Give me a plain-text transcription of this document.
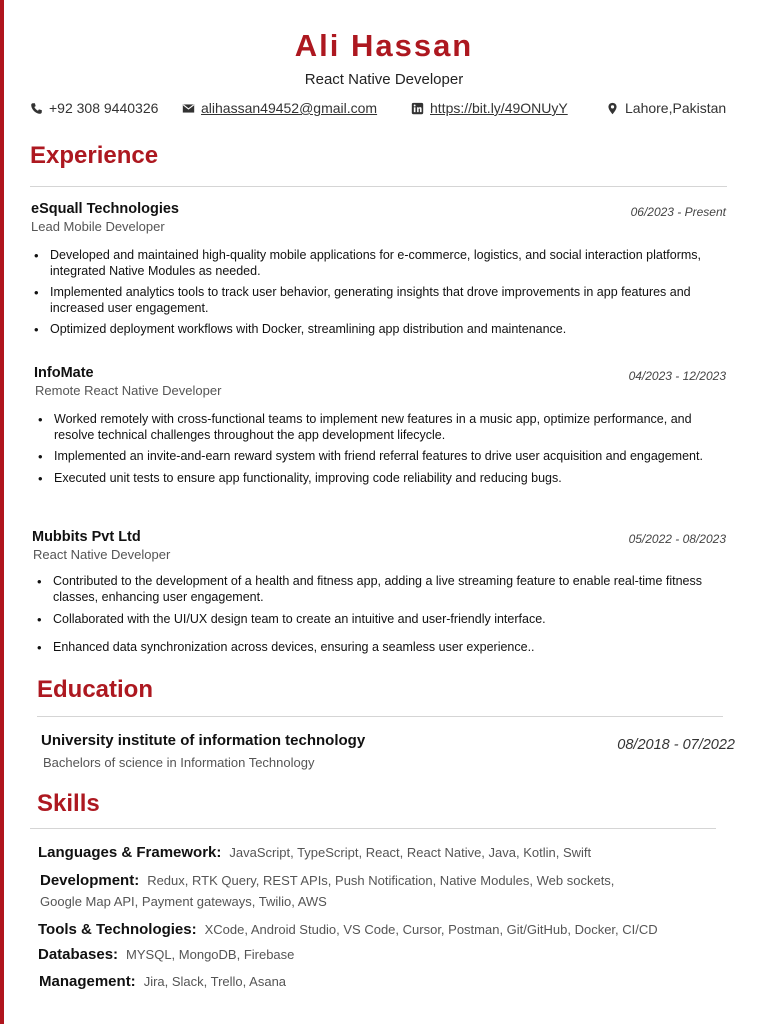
Ali Hassan
React Native Developer
+92 308 9440326	alihassan49452@gmail.com	https://bit.ly/49ONUyY	Lahore,Pakistan
Experience
eSquall Technologies
Lead Mobile Developer
06/2023 - Present
• Developed and maintained high-quality mobile applications for e-commerce, logistics, and social interaction platforms, integrated Native Modules as needed.
• Implemented analytics tools to track user behavior, generating insights that drove improvements in app features and increased user engagement.
• Optimized deployment workflows with Docker, streamlining app distribution and maintenance.
InfoMate
Remote React Native Developer
04/2023 - 12/2023
• Worked remotely with cross-functional teams to implement new features in a music app, optimize performance, and resolve technical challenges throughout the app development lifecycle.
• Implemented an invite-and-earn reward system with friend referral features to drive user acquisition and engagement.
• Executed unit tests to ensure app functionality, improving code reliability and reducing bugs.
Mubbits Pvt Ltd
React Native Developer
05/2022 - 08/2023
• Contributed to the development of a health and fitness app, adding a live streaming feature to enable real-time fitness classes, enhancing user engagement.
• Collaborated with the UI/UX design team to create an intuitive and user-friendly interface.
• Enhanced data synchronization across devices, ensuring a seamless user experience..
Education
University institute of information technology
Bachelors of science in Information Technology
08/2018 - 07/2022
Skills
Languages & Framework: JavaScript, TypeScript, React, React Native, Java, Kotlin, Swift
Development: Redux, RTK Query, REST APIs, Push Notification, Native Modules, Web sockets,
Google Map API, Payment gateways, Twilio, AWS
Tools & Technologies: XCode, Android Studio, VS Code, Cursor, Postman, Git/GitHub, Docker, CI/CD
Databases: MYSQL, MongoDB, Firebase
Management: Jira, Slack, Trello, Asana
